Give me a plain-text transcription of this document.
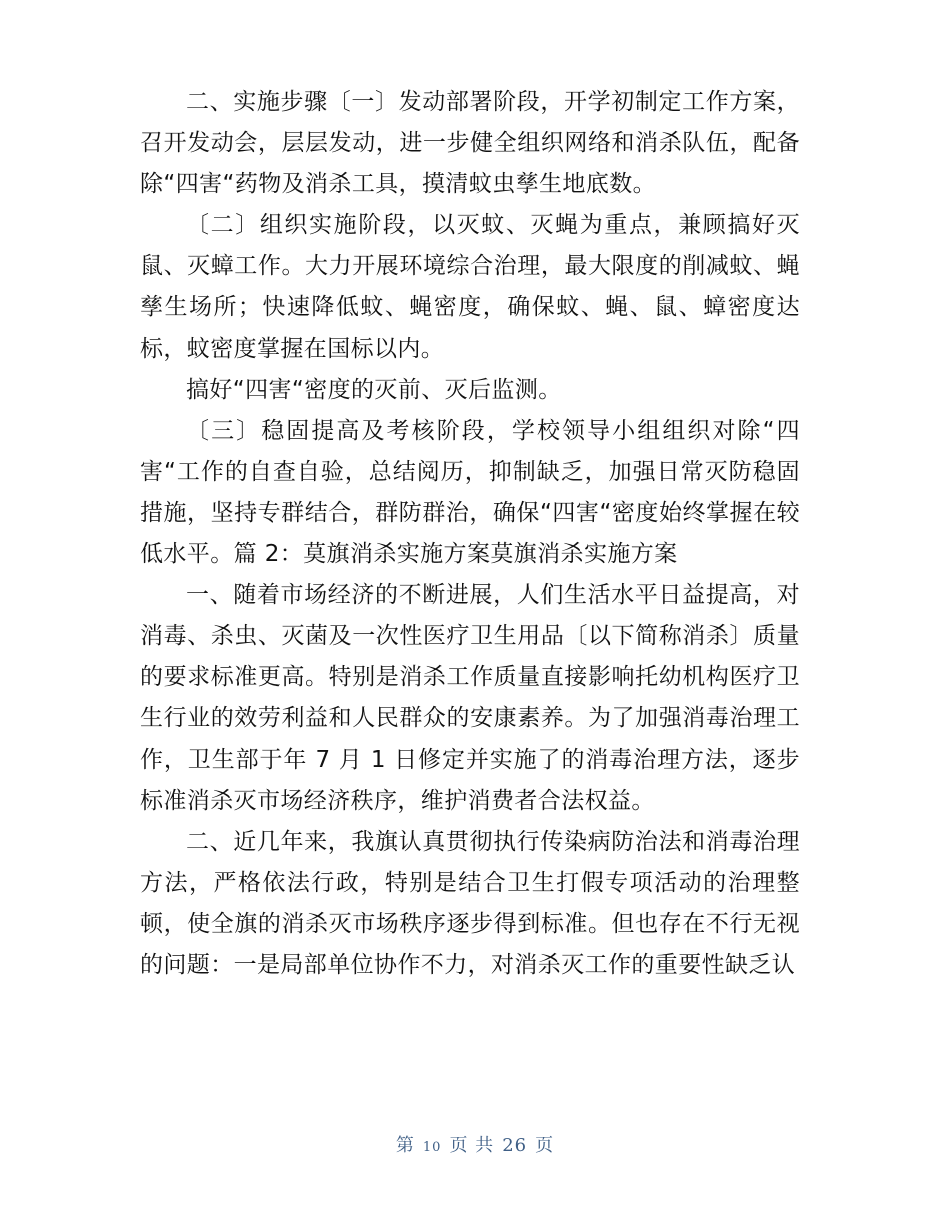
二、实施步骤〔一〕发动部署阶段，开学初制定工作方案，召开发动会，层层发动，进一步健全组织网络和消杀队伍，配备除“四害“药物及消杀工具，摸清蚊虫孳生地底数。

〔二〕组织实施阶段，以灭蚊、灭蝇为重点，兼顾搞好灭鼠、灭蟑工作。大力开展环境综合治理，最大限度的削减蚊、蝇孳生场所；快速降低蚊、蝇密度，确保蚊、蝇、鼠、蟑密度达标，蚊密度掌握在国标以内。

搞好“四害“密度的灭前、灭后监测。

〔三〕稳固提高及考核阶段，学校领导小组组织对除“四害“工作的自查自验，总结阅历，抑制缺乏，加强日常灭防稳固措施，坚持专群结合，群防群治，确保“四害“密度始终掌握在较低水平。篇 2：莫旗消杀实施方案莫旗消杀实施方案

一、随着市场经济的不断进展，人们生活水平日益提高，对消毒、杀虫、灭菌及一次性医疗卫生用品〔以下简称消杀〕质量的要求标准更高。特别是消杀工作质量直接影响托幼机构医疗卫生行业的效劳利益和人民群众的安康素养。为了加强消毒治理工作，卫生部于年 7 月 1 日修定并实施了的消毒治理方法，逐步标准消杀灭市场经济秩序，维护消费者合法权益。

二、近几年来，我旗认真贯彻执行传染病防治法和消毒治理方法，严格依法行政，特别是结合卫生打假专项活动的治理整顿，使全旗的消杀灭市场秩序逐步得到标准。但也存在不行无视的问题：一是局部单位协作不力，对消杀灭工作的重要性缺乏认

第 10 页 共 26 页
